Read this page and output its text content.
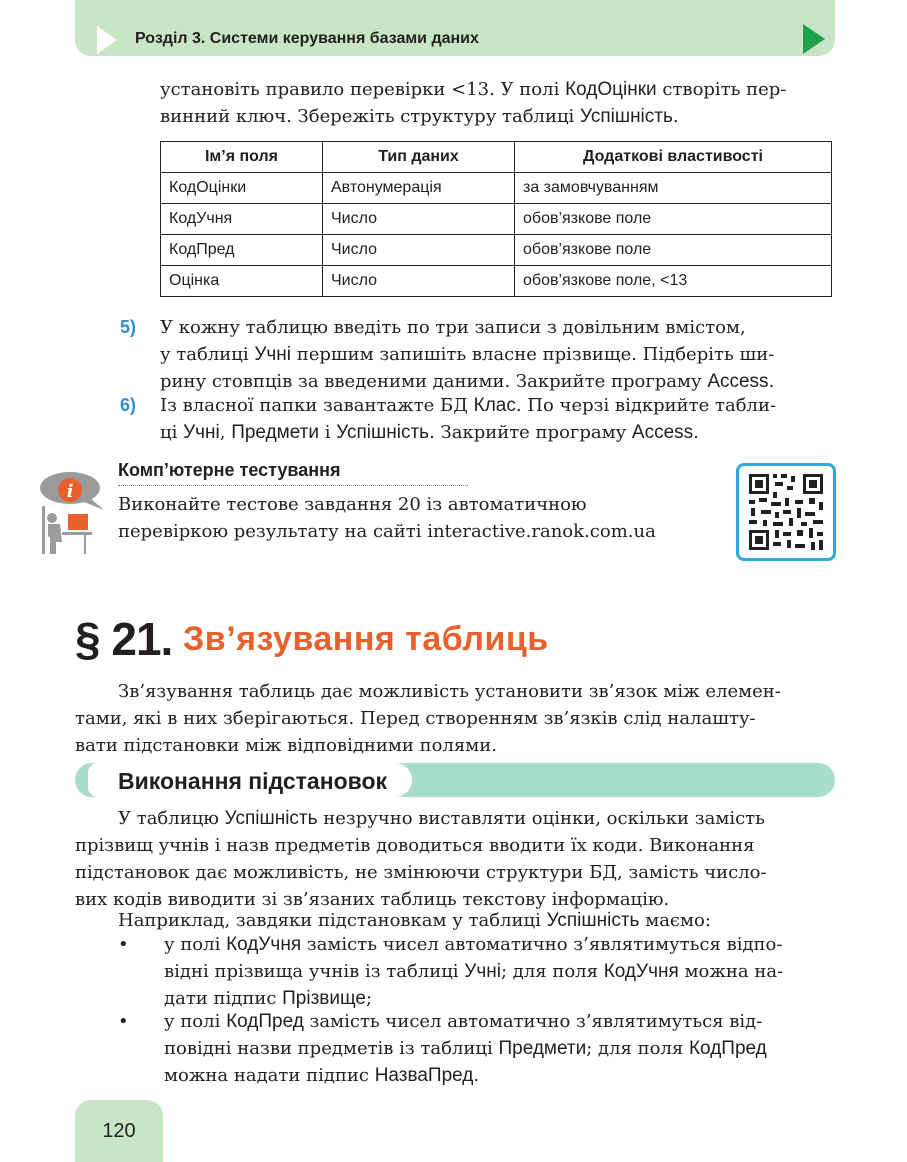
Розділ 3. Системи керування базами даних

установіть правило перевірки <13. У полі КодОцінки створіть пер-

винний ключ. Збережіть структуру таблиці Успішність.

Ім’я поля	Тип даних	Додаткові властивості
КодОцінки	Автонумерація	за замовчуванням
КодУчня	Число	обов’язкове поле
КодПред	Число	обов’язкове поле
Оцінка	Число	обов’язкове поле, <13
5) У кожну таблицю введіть по три записи з довільним вмістом,

у таблиці Учні першим запишіть власне прізвище. Підберіть ши-

рину стовпців за введеними даними. Закрийте програму Access.

6) Із власної папки завантажте БД Клас. По черзі відкрийте табли-

ці Учні, Предмети і Успішність. Закрийте програму Access.

i
Комп’ютерне тестування

Виконайте тестове завдання 20 із автоматичною

перевіркою результату на сайті interactive.ranok.com.ua

§ 21. Зв’язування таблиць

Зв’язування таблиць дає можливість установити зв’язок між елемен-

тами, які в них зберігаються. Перед створенням зв’язків слід налашту-

вати підстановки між відповідними полями.

Виконання підстановок

У таблицю Успішність незручно виставляти оцінки, оскільки замість

прізвищ учнів і назв предметів доводиться вводити їх коди. Виконання

підстановок дає можливість, не змінюючи структури БД, замість число-

вих кодів виводити зі зв’язаних таблиць текстову інформацію.

Наприклад, завдяки підстановкам у таблиці Успішність маємо:

• у полі КодУчня замість чисел автоматично з’являтимуться відпо-

відні прізвища учнів із таблиці Учні; для поля КодУчня можна на-

дати підпис Прізвище;

• у полі КодПред замість чисел автоматично з’являтимуться від-

повідні назви предметів із таблиці Предмети; для поля КодПред

можна надати підпис НазваПред.

120
